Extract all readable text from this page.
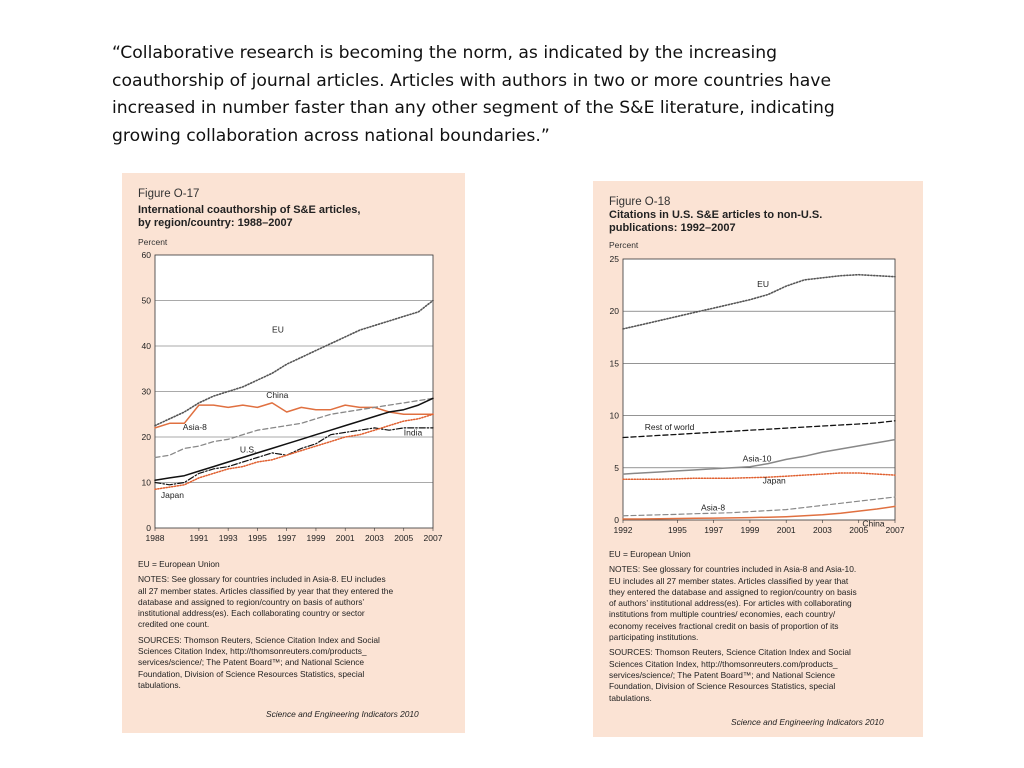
“Collaborative research is becoming the norm, as indicated by the increasing
coauthorship of journal articles. Articles with authors in two or more countries have
increased in number faster than any other segment of the S&E literature, indicating
growing collaboration across national boundaries.”
Figure O-17
International coauthorship of S&E articles,
by region/country: 1988–2007
Percent
0
10
20
30
40
50
60
1988	1991 1993 1995 1997 1999 2001 2003 2005 2007
EU
China
Asia-8
U.S.
India
Japan

EU = European Union

NOTES: See glossary for countries included in Asia-8. EU includes
all 27 member states. Articles classified by year that they entered the
database and assigned to region/country on basis of authors’
institutional address(es). Each collaborating country or sector
credited one count.

SOURCES: Thomson Reuters, Science Citation Index and Social
Sciences Citation Index, http://thomsonreuters.com/products_
services/science/; The Patent Board™; and National Science
Foundation, Division of Science Resources Statistics, special
tabulations.

Science and Engineering Indicators 2010
Figure O-18
Citations in U.S. S&E articles to non-U.S.
publications: 1992–2007
Percent
0
5
10
15
20
25
1992	1995 1997 1999 2001 2003 2005 2007
EU
Rest of world
Asia-10
Japan
Asia-8
China

EU = European Union

NOTES: See glossary for countries included in Asia-8 and Asia-10.
EU includes all 27 member states. Articles classified by year that
they entered the database and assigned to region/country on basis
of authors’ institutional address(es). For articles with collaborating
institutions from multiple countries/ economies, each country/
economy receives fractional credit on basis of proportion of its
participating institutions.

SOURCES: Thomson Reuters, Science Citation Index and Social
Sciences Citation Index, http://thomsonreuters.com/products_
services/science/; The Patent Board™; and National Science
Foundation, Division of Science Resources Statistics, special
tabulations.

Science and Engineering Indicators 2010
